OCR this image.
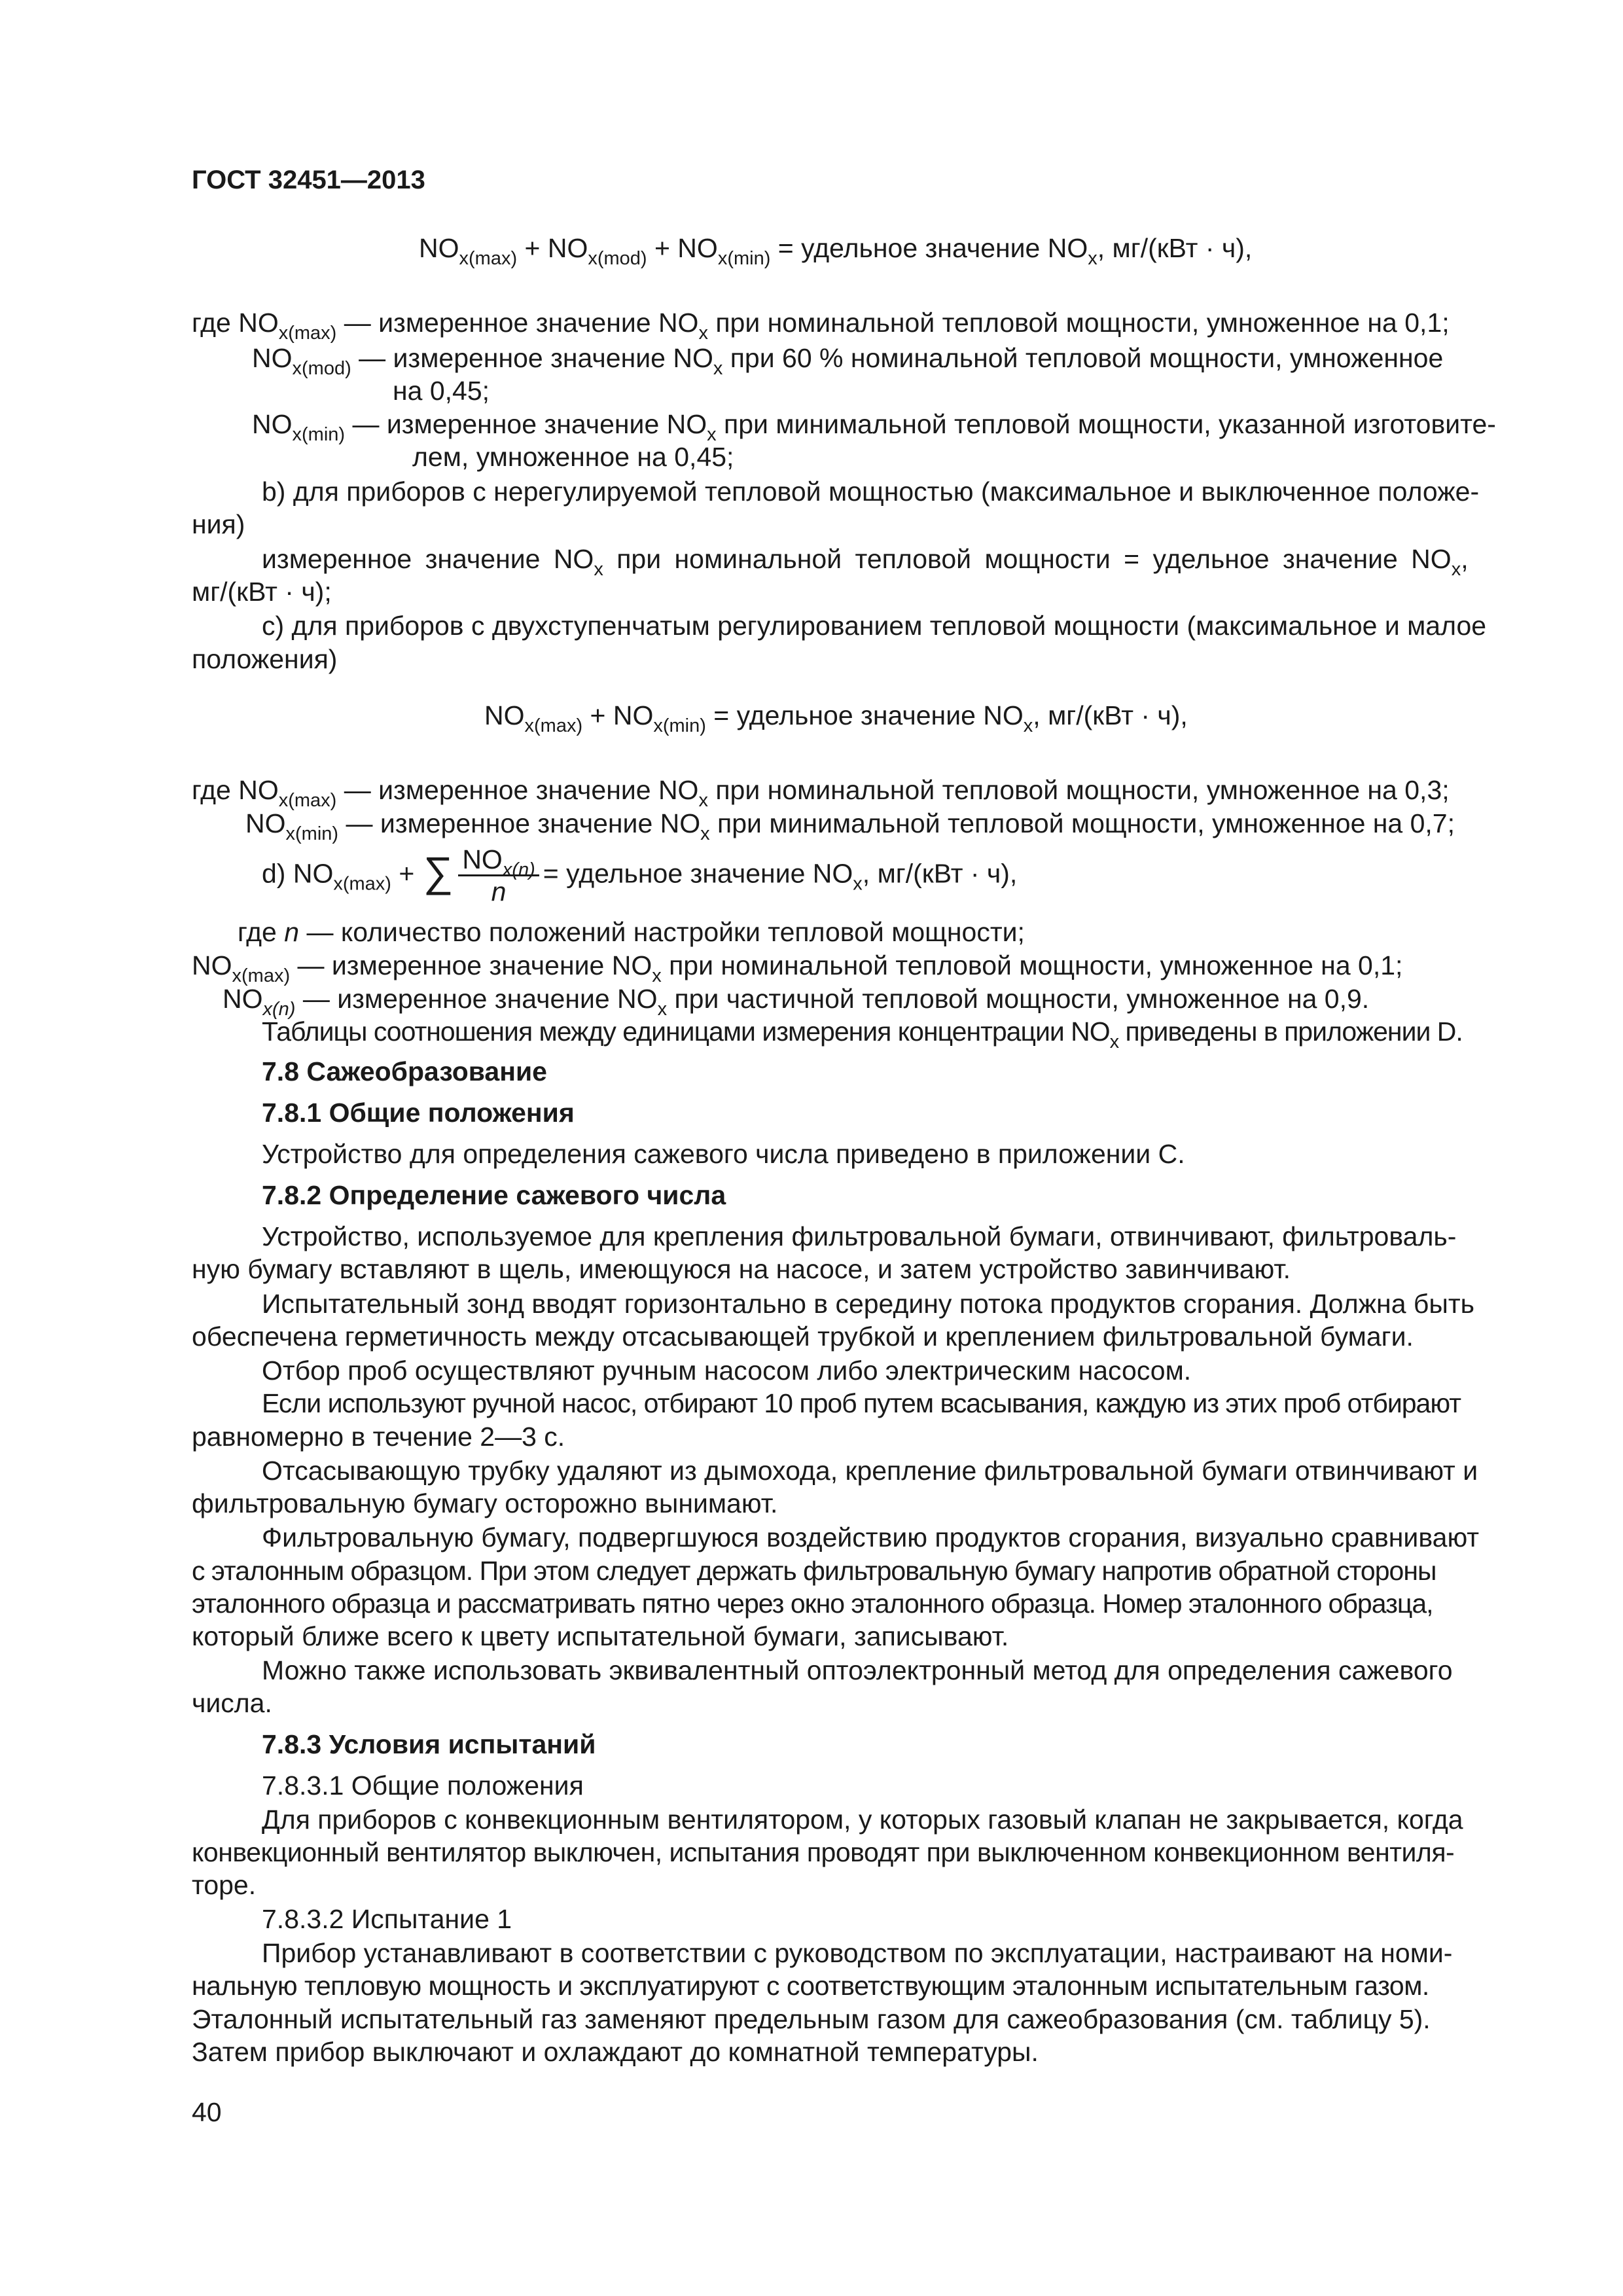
ГОСТ 32451—2013
$NO_{x(max)} + NO_{x(mod)} + NO_{x(min)}$ = удельное значение $NO_x$, мг/(кВт · ч),
где $NO_{x(max)}$ — измеренное значение $NO_x$ при номинальной тепловой мощности, умноженное на 0,1;
$NO_{x(mod)}$ — измеренное значение $NO_x$ при 60 % номинальной тепловой мощности, умноженное
на 0,45;
$NO_{x(min)}$ — измеренное значение $NO_x$ при минимальной тепловой мощности, указанной изготовите-
лем, умноженное на 0,45;
b) для приборов с нерегулируемой тепловой мощностью (максимальное и выключенное положе-
ния)
измеренное значение $NO_x$ при номинальной тепловой мощности = удельное значение $NO_x$,
мг/(кВт · ч);
c) для приборов с двухступенчатым регулированием тепловой мощности (максимальное и малое
положения)
$NO_{x(max)} + NO_{x(min)}$ = удельное значение $NO_x$, мг/(кВт · ч),
где $NO_{x(max)}$ — измеренное значение $NO_x$ при номинальной тепловой мощности, умноженное на 0,3;
$NO_{x(min)}$ — измеренное значение $NO_x$ при минимальной тепловой мощности, умноженное на 0,7;
d) $NO_{x(max)}$ + ∑ $\frac{NO_{x(n)}}{n}$ = удельное значение $NO_x$, мг/(кВт · ч),
где n — количество положений настройки тепловой мощности;
$NO_{x(max)}$ — измеренное значение $NO_x$ при номинальной тепловой мощности, умноженное на 0,1;
$NO_{x(n)}$ — измеренное значение $NO_x$ при частичной тепловой мощности, умноженное на 0,9.
Таблицы соотношения между единицами измерения концентрации $NO_x$ приведены в приложении D.
7.8 Сажеобразование
7.8.1 Общие положения
Устройство для определения сажевого числа приведено в приложении С.
7.8.2 Определение сажевого числа
Устройство, используемое для крепления фильтровальной бумаги, отвинчивают, фильтроваль-
ную бумагу вставляют в щель, имеющуюся на насосе, и затем устройство завинчивают.
Испытательный зонд вводят горизонтально в середину потока продуктов сгорания. Должна быть
обеспечена герметичность между отсасывающей трубкой и креплением фильтровальной бумаги.
Отбор проб осуществляют ручным насосом либо электрическим насосом.
Если используют ручной насос, отбирают 10 проб путем всасывания, каждую из этих проб отбирают
равномерно в течение 2—3 с.
Отсасывающую трубку удаляют из дымохода, крепление фильтровальной бумаги отвинчивают и
фильтровальную бумагу осторожно вынимают.
Фильтровальную бумагу, подвергшуюся воздействию продуктов сгорания, визуально сравнивают
с эталонным образцом. При этом следует держать фильтровальную бумагу напротив обратной стороны
эталонного образца и рассматривать пятно через окно эталонного образца. Номер эталонного образца,
который ближе всего к цвету испытательной бумаги, записывают.
Можно также использовать эквивалентный оптоэлектронный метод для определения сажевого
числа.
7.8.3 Условия испытаний
7.8.3.1 Общие положения
Для приборов с конвекционным вентилятором, у которых газовый клапан не закрывается, когда
конвекционный вентилятор выключен, испытания проводят при выключенном конвекционном вентиля-
торе.
7.8.3.2 Испытание 1
Прибор устанавливают в соответствии с руководством по эксплуатации, настраивают на номи-
нальную тепловую мощность и эксплуатируют с соответствующим эталонным испытательным газом.
Эталонный испытательный газ заменяют предельным газом для сажеобразования (см. таблицу 5).
Затем прибор выключают и охлаждают до комнатной температуры.
40
